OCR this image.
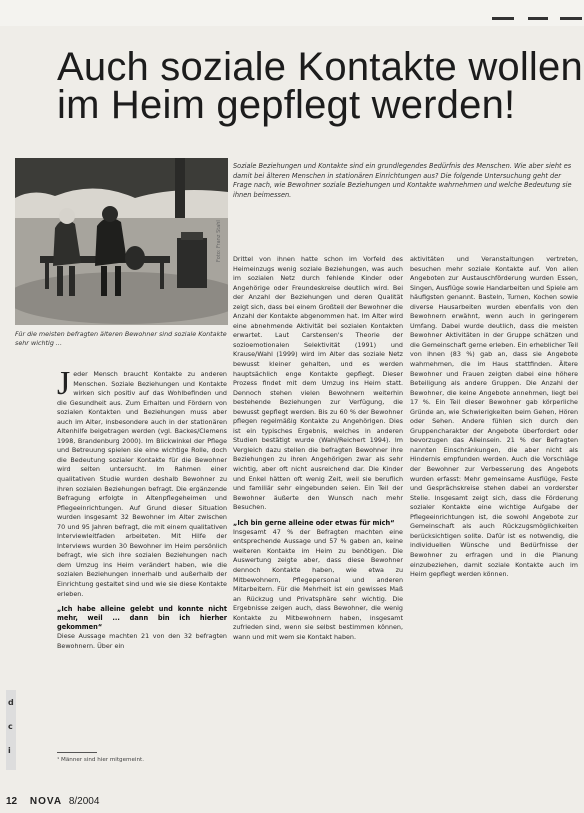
Auch soziale Kontakte wollen
im Heim gepflegt werden!
Foto: Franz Stahl

Für die meisten befragten älteren Bewohner sind soziale Kontakte sehr wichtig ...

Soziale Beziehungen und Kontakte sind ein grundlegendes Bedürfnis des Menschen. Wie aber sieht es damit bei älteren Menschen in stationären Einrichtungen aus? Die folgende Untersuchung geht der Frage nach, wie Bewohner soziale Beziehungen und Kontakte wahrnehmen und welche Bedeutung sie ihnen beimessen.

Jeder Mensch braucht Kontakte zu anderen Menschen. Soziale Beziehungen und Kontakte wirken sich positiv auf das Wohlbefinden und die Gesundheit aus. Zum Erhalten und Fördern von sozialen Kontakten und Beziehungen muss aber auch im Alter, insbesondere auch in der stationären Altenhilfe beigetragen werden (vgl. Backes/Clemens 1998, Brandenburg 2000). Im Blickwinkel der Pflege und Betreuung spielen sie eine wichtige Rolle, doch die Bedeutung sozialer Kontakte für die Bewohner wird selten untersucht. Im Rahmen einer qualitativen Studie wurden deshalb Bewohner zu ihren sozialen Beziehungen befragt. Die ergänzende Befragung erfolgte in Altenpflegeheimen und Pflegeeinrichtungen. Auf Grund dieser Situation wurden insgesamt 32 Bewohner im Alter zwischen 70 und 95 Jahren befragt, die mit einem qualitativen Interviewleitfaden arbeiteten. Mit Hilfe der Interviews wurden 30 Bewohner im Heim persönlich befragt, wie sich ihre sozialen Beziehungen nach dem Umzug ins Heim verändert haben, wie die sozialen Beziehungen innerhalb und außerhalb der Einrichtung gestaltet sind und wie sie diese Kontakte erleben.

„Ich habe alleine gelebt und konnte nicht mehr, weil ... dann bin ich hierher gekommen“

Diese Aussage machten 21 von den 32 befragten Bewohnern. Über ein

¹ Männer sind hier mitgemeint.

Drittel von ihnen hatte schon im Vorfeld des Heimeinzugs wenig soziale Beziehungen, was auch im sozialen Netz durch fehlende Kinder oder Angehörige oder Freundeskreise deutlich wird. Bei der Anzahl der Beziehungen und deren Qualität zeigt sich, dass bei einem Großteil der Bewohner die Anzahl der Kontakte abgenommen hat. Im Alter wird eine abnehmende Aktivität bei sozialen Kontakten erwartet. Laut Carstensen's Theorie der sozioemotionalen Selektivität (1991) und Krause/Wahl (1999) wird im Alter das soziale Netz bewusst kleiner gehalten, und es werden hauptsächlich enge Kontakte gepflegt. Dieser Prozess findet mit dem Umzug ins Heim statt. Dennoch stehen vielen Bewohnern weiterhin bestehende Beziehungen zur Verfügung, die bewusst gepflegt werden. Bis zu 60 % der Bewohner pflegen regelmäßig Kontakte zu Angehörigen. Dies ist ein typisches Ergebnis, welches in anderen Studien bestätigt wurde (Wahl/Reichert 1994). Im Vergleich dazu stellen die befragten Bewohner ihre Beziehungen zu ihren Angehörigen zwar als sehr wichtig, aber oft nicht ausreichend dar. Die Kinder und Enkel hätten oft wenig Zeit, weil sie beruflich und familiär sehr eingebunden seien. Ein Teil der Bewohner äußerte den Wunsch nach mehr Besuchen.

„Ich bin gerne alleine oder etwas für mich“

Insgesamt 47 % der Befragten machten eine entsprechende Aussage und 57 % gaben an, keine weiteren Kontakte im Heim zu benötigen. Die Auswertung zeigte aber, dass diese Bewohner dennoch Kontakte haben, wie etwa zu Mitbewohnern, Pflegepersonal und anderen Mitarbeitern. Für die Mehrheit ist ein gewisses Maß an Rückzug und Privatsphäre sehr wichtig. Die Ergebnisse zeigen auch, dass Bewohner, die wenig Kontakte zu Mitbewohnern haben, insgesamt zufrieden sind, wenn sie selbst bestimmen können, wann und mit wem sie Kontakt haben.

aktivitäten und Veranstaltungen vertreten, besuchen mehr soziale Kontakte auf. Von allen Angeboten zur Austauschförderung wurden Essen, Singen, Ausflüge sowie Handarbeiten und Spiele am häufigsten genannt. Basteln, Turnen, Kochen sowie diverse Hausarbeiten wurden ebenfalls von den Bewohnern erwähnt, wenn auch in geringerem Umfang. Dabei wurde deutlich, dass die meisten Bewohner Aktivitäten in der Gruppe schätzen und die Gemeinschaft gerne erleben. Ein erheblicher Teil von ihnen (83 %) gab an, dass sie Angebote wahrnehmen, die im Haus stattfinden. Ältere Bewohner und Frauen zeigten dabei eine höhere Beteiligung als andere Gruppen. Die Anzahl der Bewohner, die keine Angebote annehmen, liegt bei 17 %. Ein Teil dieser Bewohner gab körperliche Gründe an, wie Schwierigkeiten beim Gehen, Hören oder Sehen. Andere fühlen sich durch den Gruppencharakter der Angebote überfordert oder bevorzugen das Alleinsein. 21 % der Befragten nannten Einschränkungen, die aber nicht als Hindernis empfunden werden. Auch die Vorschläge der Bewohner zur Verbesserung des Angebots wurden erfasst: Mehr gemeinsame Ausflüge, Feste und Gesprächskreise stehen dabei an vorderster Stelle. Insgesamt zeigt sich, dass die Förderung sozialer Kontakte eine wichtige Aufgabe der Pflegeeinrichtungen ist, die sowohl Angebote zur Gemeinschaft als auch Rückzugsmöglichkeiten berücksichtigen sollte. Dafür ist es notwendig, die individuellen Wünsche und Bedürfnisse der Bewohner zu erfragen und in die Planung einzubeziehen, damit soziale Kontakte auch im Heim gepflegt werden können.

d
c
i
12 NOVA 8/2004
